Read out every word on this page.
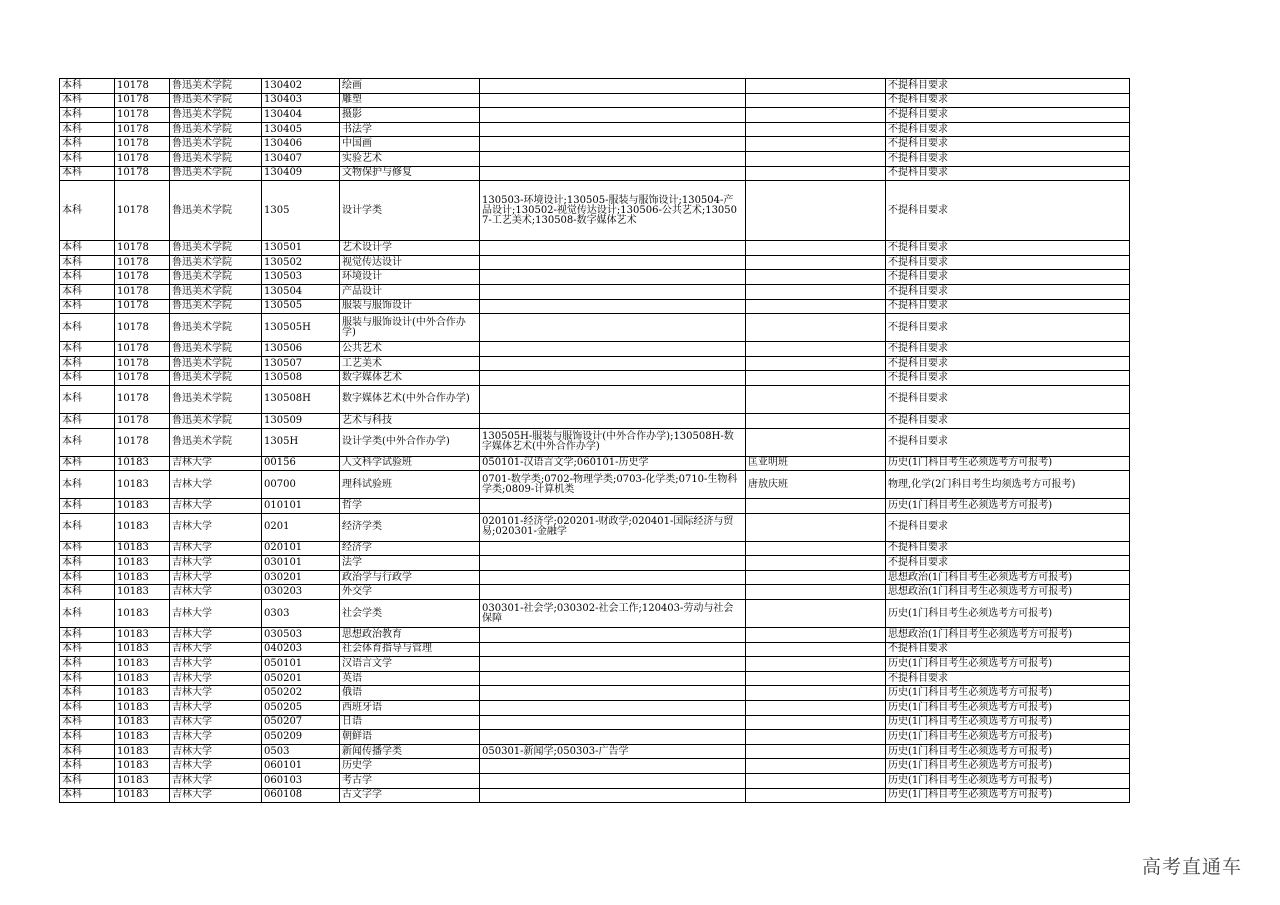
本科	10178	鲁迅美术学院	130402	绘画			不提科目要求
本科	10178	鲁迅美术学院	130403	雕塑			不提科目要求
本科	10178	鲁迅美术学院	130404	摄影			不提科目要求
本科	10178	鲁迅美术学院	130405	书法学			不提科目要求
本科	10178	鲁迅美术学院	130406	中国画			不提科目要求
本科	10178	鲁迅美术学院	130407	实验艺术			不提科目要求
本科	10178	鲁迅美术学院	130409	文物保护与修复			不提科目要求
本科	10178	鲁迅美术学院	1305	设计学类	130503-环境设计;130505-服装与服饰设计;130504-产品设计;130502-视觉传达设计;130506-公共艺术;130507-工艺美术;130508-数字媒体艺术		不提科目要求
本科	10178	鲁迅美术学院	130501	艺术设计学			不提科目要求
本科	10178	鲁迅美术学院	130502	视觉传达设计			不提科目要求
本科	10178	鲁迅美术学院	130503	环境设计			不提科目要求
本科	10178	鲁迅美术学院	130504	产品设计			不提科目要求
本科	10178	鲁迅美术学院	130505	服装与服饰设计			不提科目要求
本科	10178	鲁迅美术学院	130505H	服装与服饰设计(中外合作办学)			不提科目要求
本科	10178	鲁迅美术学院	130506	公共艺术			不提科目要求
本科	10178	鲁迅美术学院	130507	工艺美术			不提科目要求
本科	10178	鲁迅美术学院	130508	数字媒体艺术			不提科目要求
本科	10178	鲁迅美术学院	130508H	数字媒体艺术(中外合作办学)			不提科目要求
本科	10178	鲁迅美术学院	130509	艺术与科技			不提科目要求
本科	10178	鲁迅美术学院	1305H	设计学类(中外合作办学)	130505H-服装与服饰设计(中外合作办学);130508H-数字媒体艺术(中外合作办学)		不提科目要求
本科	10183	吉林大学	00156	人文科学试验班	050101-汉语言文学;060101-历史学	匡亚明班	历史(1门科目考生必须选考方可报考)
本科	10183	吉林大学	00700	理科试验班	0701-数学类;0702-物理学类;0703-化学类;0710-生物科学类;0809-计算机类	唐敖庆班	物理,化学(2门科目考生均须选考方可报考)
本科	10183	吉林大学	010101	哲学			历史(1门科目考生必须选考方可报考)
本科	10183	吉林大学	0201	经济学类	020101-经济学;020201-财政学;020401-国际经济与贸易;020301-金融学		不提科目要求
本科	10183	吉林大学	020101	经济学			不提科目要求
本科	10183	吉林大学	030101	法学			不提科目要求
本科	10183	吉林大学	030201	政治学与行政学			思想政治(1门科目考生必须选考方可报考)
本科	10183	吉林大学	030203	外交学			思想政治(1门科目考生必须选考方可报考)
本科	10183	吉林大学	0303	社会学类	030301-社会学;030302-社会工作;120403-劳动与社会保障		历史(1门科目考生必须选考方可报考)
本科	10183	吉林大学	030503	思想政治教育			思想政治(1门科目考生必须选考方可报考)
本科	10183	吉林大学	040203	社会体育指导与管理			不提科目要求
本科	10183	吉林大学	050101	汉语言文学			历史(1门科目考生必须选考方可报考)
本科	10183	吉林大学	050201	英语			不提科目要求
本科	10183	吉林大学	050202	俄语			历史(1门科目考生必须选考方可报考)
本科	10183	吉林大学	050205	西班牙语			历史(1门科目考生必须选考方可报考)
本科	10183	吉林大学	050207	日语			历史(1门科目考生必须选考方可报考)
本科	10183	吉林大学	050209	朝鲜语			历史(1门科目考生必须选考方可报考)
本科	10183	吉林大学	0503	新闻传播学类	050301-新闻学;050303-广告学		历史(1门科目考生必须选考方可报考)
本科	10183	吉林大学	060101	历史学			历史(1门科目考生必须选考方可报考)
本科	10183	吉林大学	060103	考古学			历史(1门科目考生必须选考方可报考)
本科	10183	吉林大学	060108	古文字学			历史(1门科目考生必须选考方可报考)
高考直通车
